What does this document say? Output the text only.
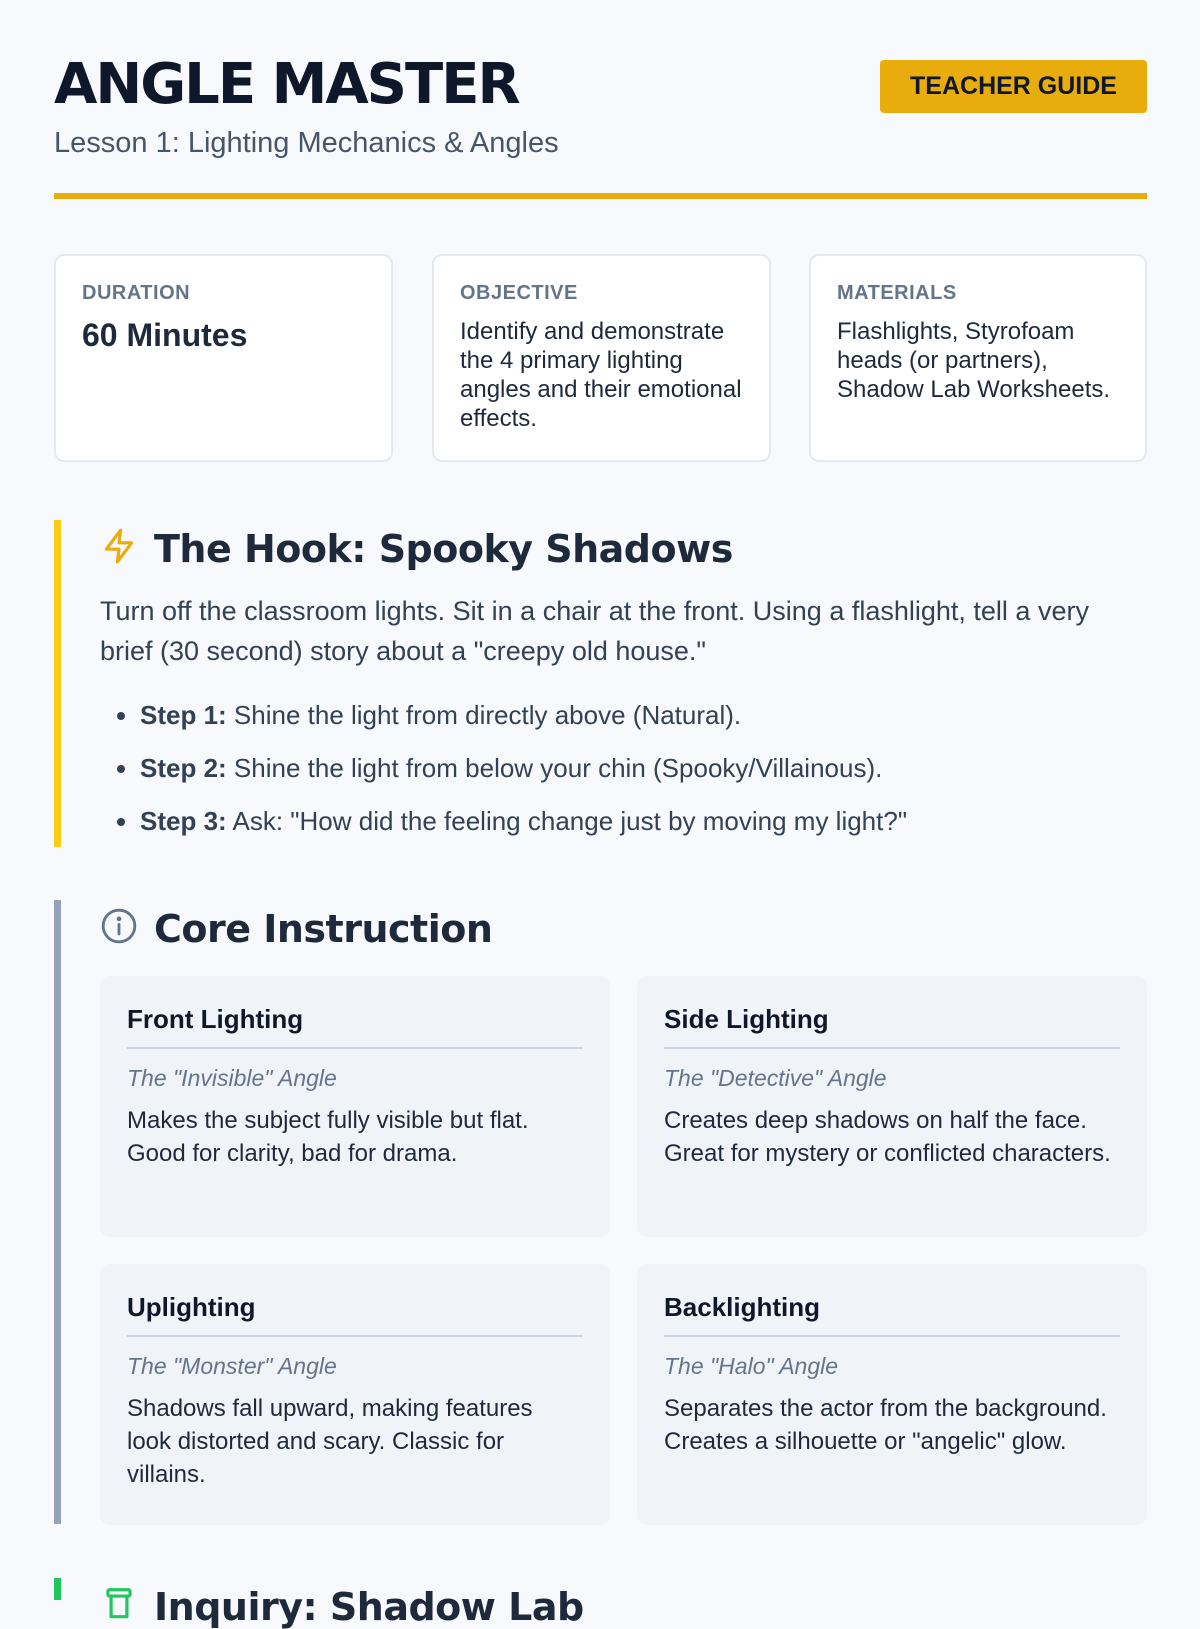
ANGLE MASTER

Lesson 1: Lighting Mechanics & Angles

TEACHER GUIDE

DURATION

60 Minutes

OBJECTIVE

Identify and demonstrate the 4 primary lighting angles and their emotional effects.

MATERIALS

Flashlights, Styrofoam heads (or partners), Shadow Lab Worksheets.

The Hook: Spooky Shadows

Turn off the classroom lights. Sit in a chair at the front. Using a flashlight, tell a very brief (30 second) story about a "creepy old house."

• Step 1: Shine the light from directly above (Natural).
• Step 2: Shine the light from below your chin (Spooky/Villainous).
• Step 3: Ask: "How did the feeling change just by moving my light?"
Core Instruction
Front Lighting

The "Invisible" Angle

Makes the subject fully visible but flat. Good for clarity, bad for drama.

Side Lighting

The "Detective" Angle

Creates deep shadows on half the face. Great for mystery or conflicted characters.

Uplighting

The "Monster" Angle

Shadows fall upward, making features look distorted and scary. Classic for villains.

Backlighting

The "Halo" Angle

Separates the actor from the background. Creates a silhouette or "angelic" glow.

Inquiry: Shadow Lab
